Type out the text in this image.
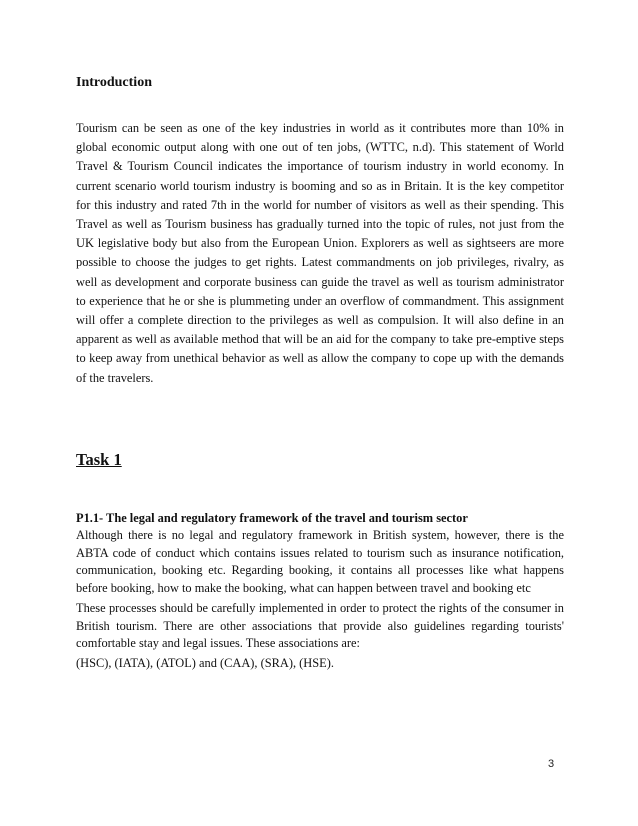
Introduction

Tourism can be seen as one of the key industries in world as it contributes more than 10% in global economic output along with one out of ten jobs, (WTTC, n.d). This statement of World Travel & Tourism Council indicates the importance of tourism industry in world economy. In current scenario world tourism industry is booming and so as in Britain. It is the key competitor for this industry and rated 7th in the world for number of visitors as well as their spending. This Travel as well as Tourism business has gradually turned into the topic of rules, not just from the UK legislative body but also from the European Union. Explorers as well as sightseers are more possible to choose the judges to get rights. Latest commandments on job privileges, rivalry, as well as development and corporate business can guide the travel as well as tourism administrator to experience that he or she is plummeting under an overflow of commandment. This assignment will offer a complete direction to the privileges as well as compulsion. It will also define in an apparent as well as available method that will be an aid for the company to take pre-emptive steps to keep away from unethical behavior as well as allow the company to cope up with the demands of the travelers.

Task 1
P1.1- The legal and regulatory framework of the travel and tourism sector

Although there is no legal and regulatory framework in British system, however, there is the ABTA code of conduct which contains issues related to tourism such as insurance notification, communication, booking etc. Regarding booking, it contains all processes like what happens before booking, how to make the booking, what can happen between travel and booking etc

These processes should be carefully implemented in order to protect the rights of the consumer in British tourism. There are other associations that provide also guidelines regarding tourists' comfortable stay and legal issues. These associations are:

(HSC), (IATA), (ATOL) and (CAA), (SRA), (HSE).

3
